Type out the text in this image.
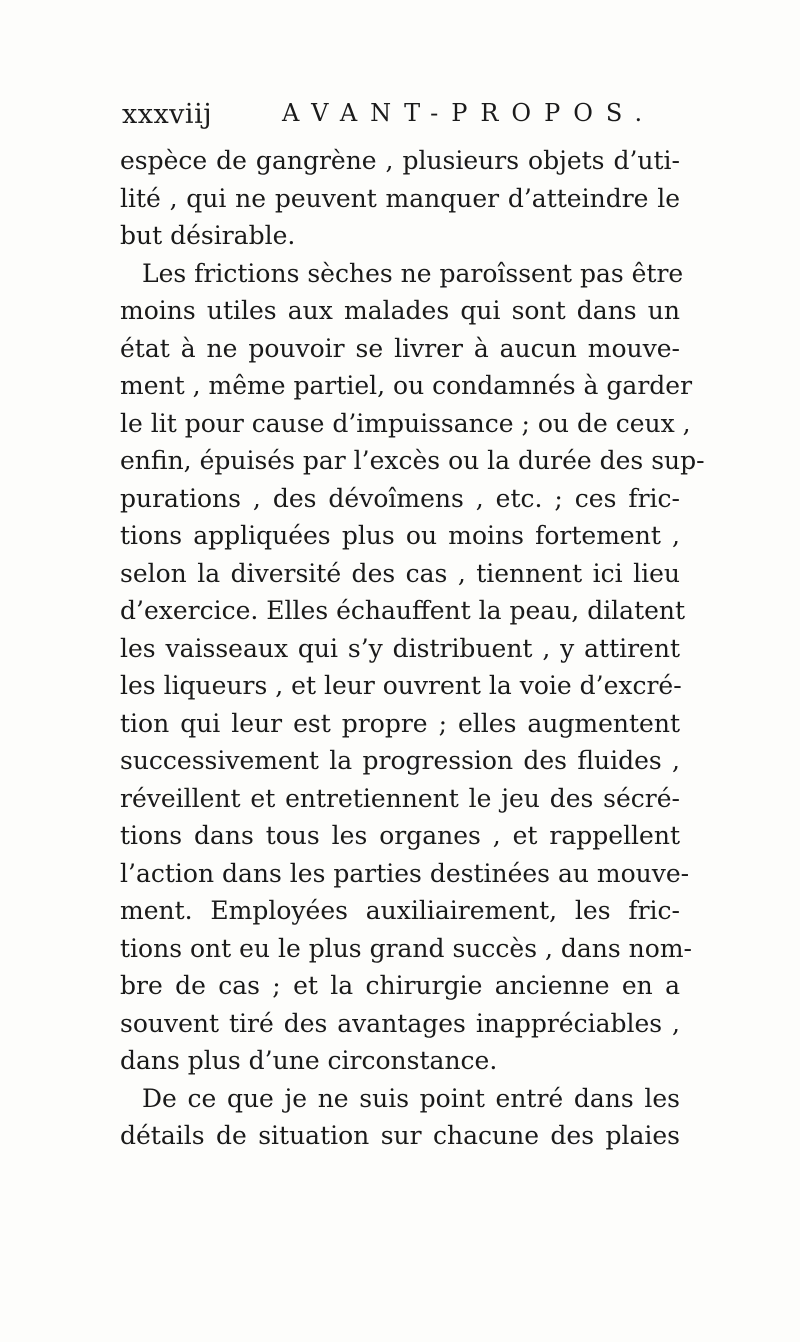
xxxviij	AVANT-PROPOS.
espèce de gangrène , plusieurs objets d’uti-
lité , qui ne peuvent manquer d’atteindre le
but désirable.
Les frictions sèches ne paroîssent pas être
moins utiles aux malades qui sont dans un
état à ne pouvoir se livrer à aucun mouve-
ment , même partiel, ou condamnés à garder
le lit pour cause d’impuissance ; ou de ceux ,
enfin, épuisés par l’excès ou la durée des sup-
purations , des dévoîmens , etc. ; ces fric-
tions appliquées plus ou moins fortement ,
selon la diversité des cas , tiennent ici lieu
d’exercice. Elles échauffent la peau, dilatent
les vaisseaux qui s’y distribuent , y attirent
les liqueurs , et leur ouvrent la voie d’excré-
tion qui leur est propre ; elles augmentent
successivement la progression des fluides ,
réveillent et entretiennent le jeu des sécré-
tions dans tous les organes , et rappellent
l’action dans les parties destinées au mouve-
ment. Employées auxiliairement, les fric-
tions ont eu le plus grand succès , dans nom-
bre de cas ; et la chirurgie ancienne en a
souvent tiré des avantages inappréciables ,
dans plus d’une circonstance.
De ce que je ne suis point entré dans les
détails de situation sur chacune des plaies
